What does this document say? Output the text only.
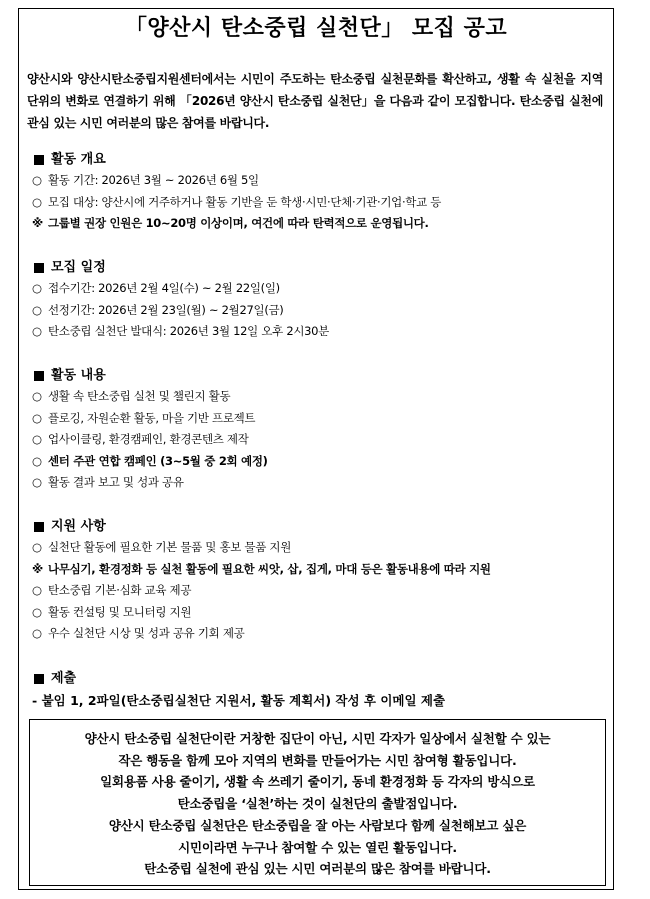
「양산시 탄소중립 실천단」 모집 공고
양산시와 양산시탄소중립지원센터에서는 시민이 주도하는 탄소중립 실천문화를 확산하고, 생활 속 실천을 지역 단위의 변화로 연결하기 위해 「2026년 양산시 탄소중립 실천단」을 다음과 같이 모집합니다. 탄소중립 실천에 관심 있는 시민 여러분의 많은 참여를 바랍니다.
활동 개요
○ 활동 기간: 2026년 3월 ~ 2026년 6월 5일
○ 모집 대상: 양산시에 거주하거나 활동 기반을 둔 학생·시민·단체·기관·기업·학교 등
※ 그룹별 권장 인원은 10~20명 이상이며, 여건에 따라 탄력적으로 운영됩니다.
모집 일정
○ 접수기간: 2026년 2월 4일(수) ~ 2월 22일(일)
○ 선정기간: 2026년 2월 23일(월) ~ 2월27일(금)
○ 탄소중립 실천단 발대식: 2026년 3월 12일 오후 2시30분
활동 내용
○ 생활 속 탄소중립 실천 및 챌린지 활동
○ 플로깅, 자원순환 활동, 마을 기반 프로젝트
○ 업사이클링, 환경캠페인, 환경콘텐츠 제작
○ 센터 주관 연합 캠페인 (3~5월 중 2회 예정)
○ 활동 결과 보고 및 성과 공유
지원 사항
○ 실천단 활동에 필요한 기본 물품 및 홍보 물품 지원
※ 나무심기, 환경정화 등 실천 활동에 필요한 씨앗, 삽, 집게, 마대 등은 활동내용에 따라 지원
○ 탄소중립 기본·심화 교육 제공
○ 활동 컨설팅 및 모니터링 지원
○ 우수 실천단 시상 및 성과 공유 기회 제공
제출
- 붙임 1, 2파일(탄소중립실천단 지원서, 활동 계획서) 작성 후 이메일 제출
양산시 탄소중립 실천단이란 거창한 집단이 아닌, 시민 각자가 일상에서 실천할 수 있는
작은 행동을 함께 모아 지역의 변화를 만들어가는 시민 참여형 활동입니다.
일회용품 사용 줄이기, 생활 속 쓰레기 줄이기, 동네 환경정화 등 각자의 방식으로
탄소중립을 ‘실천’하는 것이 실천단의 출발점입니다.
양산시 탄소중립 실천단은 탄소중립을 잘 아는 사람보다 함께 실천해보고 싶은
시민이라면 누구나 참여할 수 있는 열린 활동입니다.
탄소중립 실천에 관심 있는 시민 여러분의 많은 참여를 바랍니다.
